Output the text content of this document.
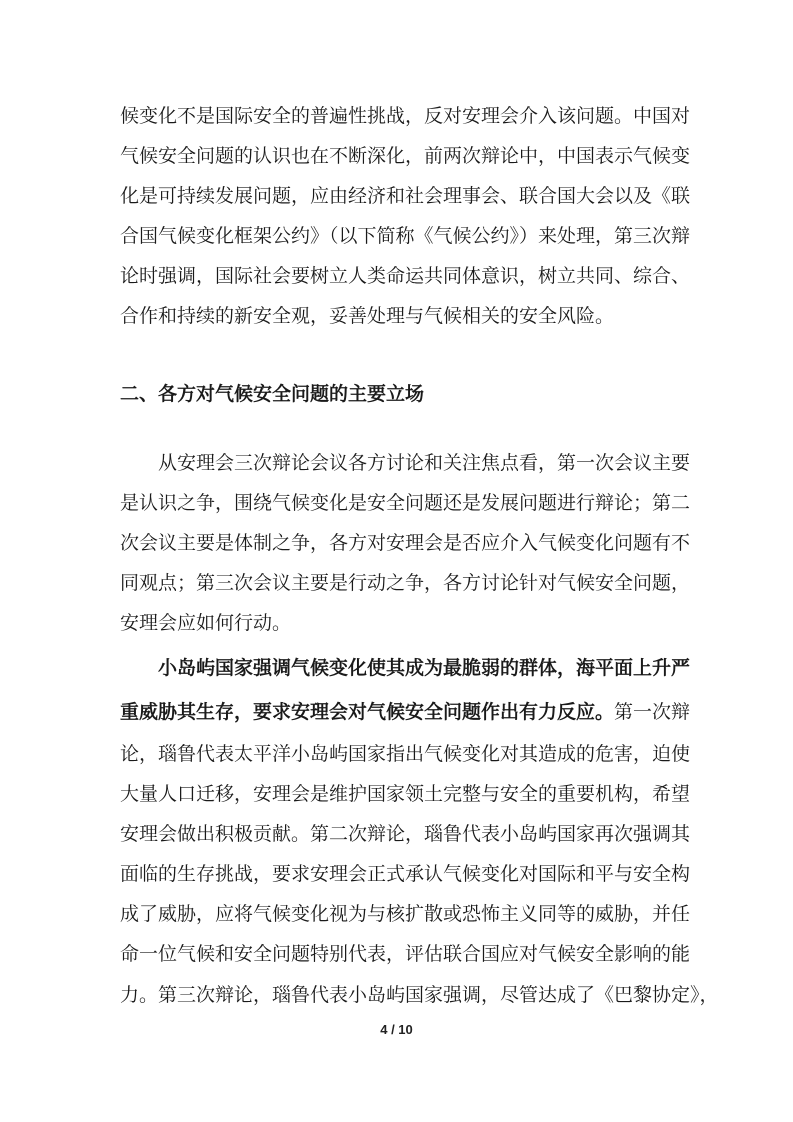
候变化不是国际安全的普遍性挑战，反对安理会介入该问题。中国对
气候安全问题的认识也在不断深化，前两次辩论中，中国表示气候变
化是可持续发展问题，应由经济和社会理事会、联合国大会以及《联
合国气候变化框架公约》（以下简称《气候公约》）来处理，第三次辩
论时强调，国际社会要树立人类命运共同体意识，树立共同、综合、
合作和持续的新安全观，妥善处理与气候相关的安全风险。
二、各方对气候安全问题的主要立场
从安理会三次辩论会议各方讨论和关注焦点看，第一次会议主要
是认识之争，围绕气候变化是安全问题还是发展问题进行辩论；第二
次会议主要是体制之争，各方对安理会是否应介入气候变化问题有不
同观点；第三次会议主要是行动之争，各方讨论针对气候安全问题，
安理会应如何行动。
小岛屿国家强调气候变化使其成为最脆弱的群体，海平面上升严
重威胁其生存，要求安理会对气候安全问题作出有力反应。第一次辩
论，瑙鲁代表太平洋小岛屿国家指出气候变化对其造成的危害，迫使
大量人口迁移，安理会是维护国家领土完整与安全的重要机构，希望
安理会做出积极贡献。第二次辩论，瑙鲁代表小岛屿国家再次强调其
面临的生存挑战，要求安理会正式承认气候变化对国际和平与安全构
成了威胁，应将气候变化视为与核扩散或恐怖主义同等的威胁，并任
命一位气候和安全问题特别代表，评估联合国应对气候安全影响的能
力。第三次辩论，瑙鲁代表小岛屿国家强调，尽管达成了《巴黎协定》，
4 / 10
